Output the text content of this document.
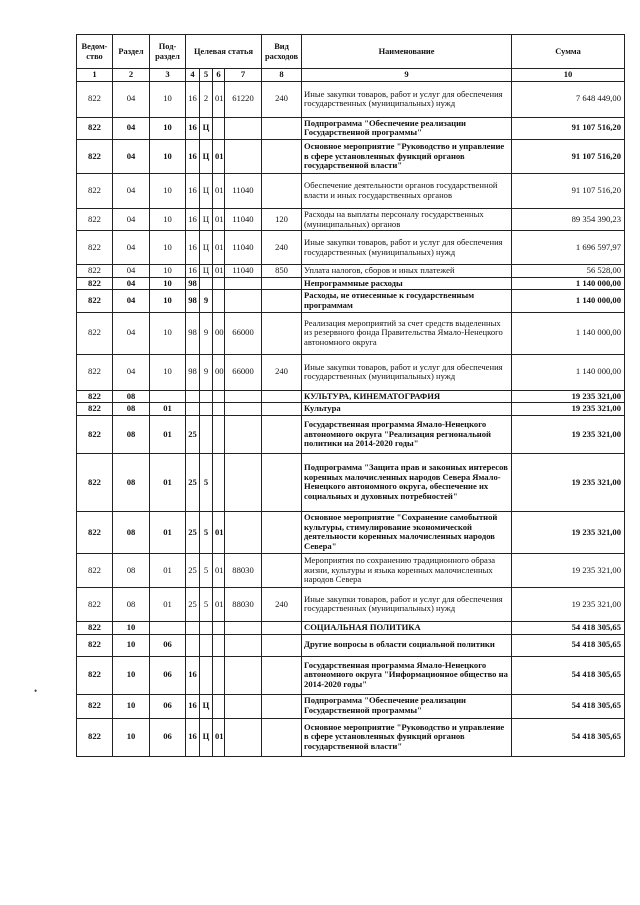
Ведом-ство	Раздел	Под-раздел	Целевая статья				Вид расходов	Наименование	Сумма
1	2	3	4	5	6	7	8	9	10
822	04	10	16	2	01	61220	240	Иные закупки товаров, работ и услуг для обеспечения государственных (муниципальных) нужд	7 648 449,00
822	04	10	16	Ц				Подпрограмма "Обеспечение реализации Государственной программы"	91 107 516,20
822	04	10	16	Ц	01			Основное мероприятие "Руководство и управление в сфере установленных функций органов государственной власти"	91 107 516,20
822	04	10	16	Ц	01	11040		Обеспечение деятельности органов государственной власти и иных государственных органов	91 107 516,20
822	04	10	16	Ц	01	11040	120	Расходы на выплаты персоналу государственных (муниципальных) органов	89 354 390,23
822	04	10	16	Ц	01	11040	240	Иные закупки товаров, работ и услуг для обеспечения государственных (муниципальных) нужд	1 696 597,97
822	04	10	16	Ц	01	11040	850	Уплата налогов, сборов и иных платежей	56 528,00
822	04	10	98					Непрограммные расходы	1 140 000,00
822	04	10	98	9				Расходы, не отнесенные к государственным программам	1 140 000,00
822	04	10	98	9	00	66000		Реализация мероприятий за счет средств выделенных из резервного фонда Правительства Ямало-Ненецкого автономного округа	1 140 000,00
822	04	10	98	9	00	66000	240	Иные закупки товаров, работ и услуг для обеспечения государственных (муниципальных) нужд	1 140 000,00
822	08							КУЛЬТУРА, КИНЕМАТОГРАФИЯ	19 235 321,00
822	08	01						Культура	19 235 321,00
822	08	01	25					Государственная программа Ямало-Ненецкого автономного округа "Реализация региональной политики на 2014-2020 годы"	19 235 321,00
822	08	01	25	5				Подпрограмма "Защита прав и законных интересов коренных малочисленных народов Севера Ямало-Ненецкого автономного округа, обеспечение их социальных и духовных потребностей"	19 235 321,00
822	08	01	25	5	01			Основное мероприятие "Сохранение самобытной культуры, стимулирование экономической деятельности коренных малочисленных народов Севера"	19 235 321,00
822	08	01	25	5	01	88030		Мероприятия по сохранению традиционного образа жизни, культуры и языка коренных малочисленных народов Севера	19 235 321,00
822	08	01	25	5	01	88030	240	Иные закупки товаров, работ и услуг для обеспечения государственных (муниципальных) нужд	19 235 321,00
822	10							СОЦИАЛЬНАЯ ПОЛИТИКА	54 418 305,65
822	10	06						Другие вопросы в области социальной политики	54 418 305,65
822	10	06	16					Государственная программа Ямало-Ненецкого автономного округа "Информационное общество на 2014-2020 годы"	54 418 305,65
822	10	06	16	Ц				Подпрограмма "Обеспечение реализации Государственной программы"	54 418 305,65
822	10	06	16	Ц	01			Основное мероприятие "Руководство и управление в сфере установленных функций органов государственной власти"	54 418 305,65
•
